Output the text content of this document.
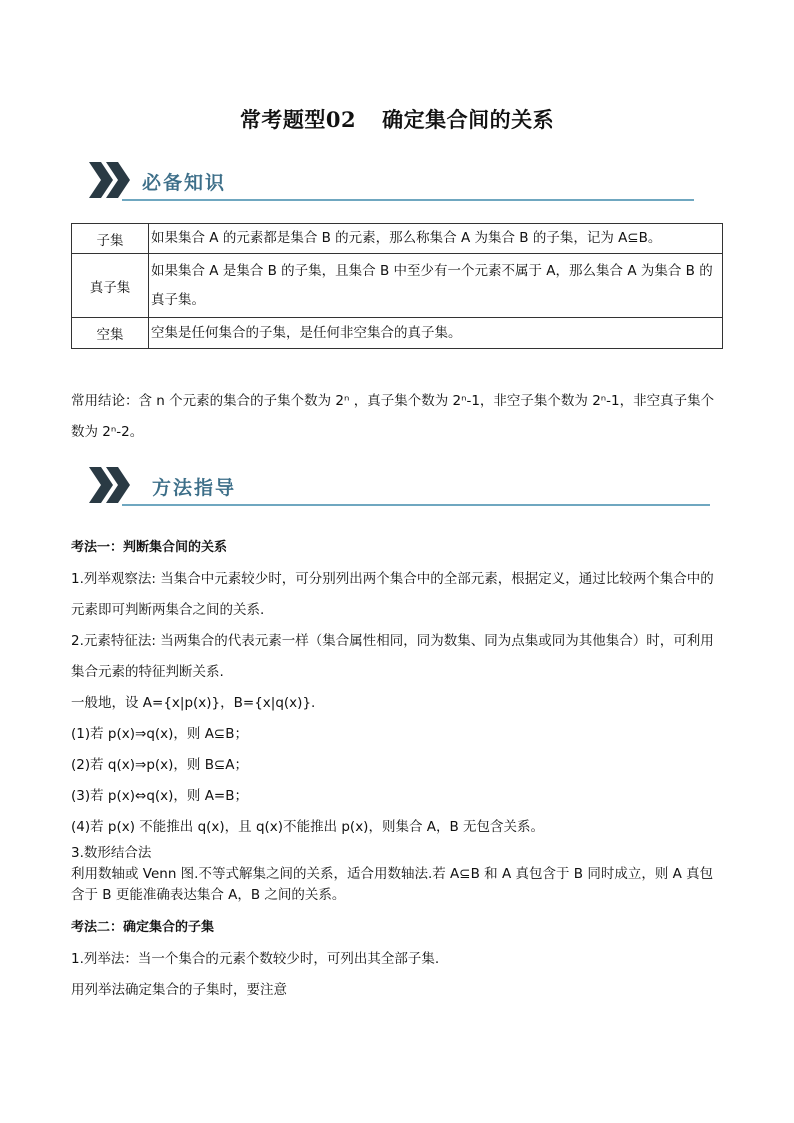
常考题型02 确定集合间的关系
必备知识
子集	如果集合 A 的元素都是集合 B 的元素，那么称集合 A 为集合 B 的子集，记为 A⊆B。
真子集	如果集合 A 是集合 B 的子集，且集合 B 中至少有一个元素不属于 A，那么集合 A 为集合 B 的真子集。
空集	空集是任何集合的子集，是任何非空集合的真子集。
常用结论：含 n 个元素的集合的子集个数为 2ⁿ ，真子集个数为 2ⁿ-1，非空子集个数为 2ⁿ-1，非空真子集个数为 2ⁿ-2。
方法指导

考法一：判断集合间的关系

1.列举观察法: 当集合中元素较少时，可分别列出两个集合中的全部元素，根据定义，通过比较两个集合中的元素即可判断两集合之间的关系.

2.元素特征法: 当两集合的代表元素一样（集合属性相同，同为数集、同为点集或同为其他集合）时，可利用集合元素的特征判断关系.

一般地，设 A={x|p(x)}，B={x|q(x)}.

(1)若 p(x)⇒q(x)，则 A⊆B；

(2)若 q(x)⇒p(x)，则 B⊆A；

(3)若 p(x)⇔q(x)，则 A=B；

(4)若 p(x) 不能推出 q(x)，且 q(x)不能推出 p(x)，则集合 A，B 无包含关系。

3.数形结合法

利用数轴或 Venn 图.不等式解集之间的关系，适合用数轴法.若 A⊆B 和 A 真包含于 B 同时成立，则 A 真包含于 B 更能准确表达集合 A，B 之间的关系。

考法二：确定集合的子集

1.列举法：当一个集合的元素个数较少时，可列出其全部子集.

用列举法确定集合的子集时，要注意
